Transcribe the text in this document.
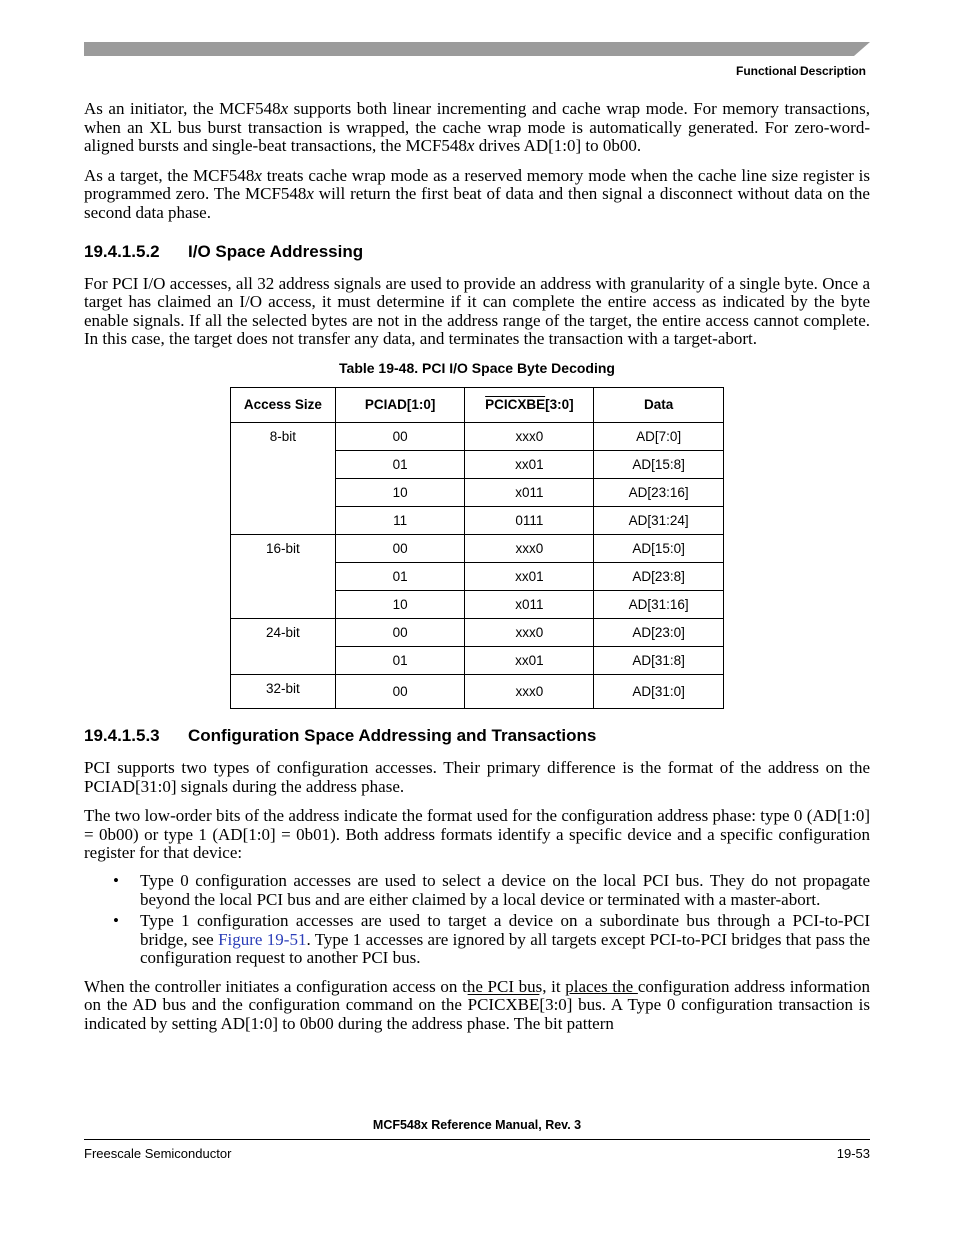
Functional Description

As an initiator, the MCF548x supports both linear incrementing and cache wrap mode. For memory transactions, when an XL bus burst transaction is wrapped, the cache wrap mode is automatically generated. For zero-word-aligned bursts and single-beat transactions, the MCF548x drives AD[1:0] to 0b00.

As a target, the MCF548x treats cache wrap mode as a reserved memory mode when the cache line size register is programmed zero. The MCF548x will return the first beat of data and then signal a disconnect without data on the second data phase.

19.4.1.5.2 I/O Space Addressing

For PCI I/O accesses, all 32 address signals are used to provide an address with granularity of a single byte. Once a target has claimed an I/O access, it must determine if it can complete the entire access as indicated by the byte enable signals. If all the selected bytes are not in the address range of the target, the entire access cannot complete. In this case, the target does not transfer any data, and terminates the transaction with a target-abort.

Table 19-48. PCI I/O Space Byte Decoding
Access Size	PCIAD[1:0]	PCICXBE[3:0]	Data
8-bit	00	xxx0	AD[7:0]
	01	xx01	AD[15:8]
	10	x011	AD[23:16]
	11	0111	AD[31:24]
16-bit	00	xxx0	AD[15:0]
	01	xx01	AD[23:8]
	10	x011	AD[31:16]
24-bit	00	xxx0	AD[23:0]
	01	xx01	AD[31:8]
32-bit	00	xxx0	AD[31:0]
19.4.1.5.3 Configuration Space Addressing and Transactions

PCI supports two types of configuration accesses. Their primary difference is the format of the address on the PCIAD[31:0] signals during the address phase.

The two low-order bits of the address indicate the format used for the configuration address phase: type 0 (AD[1:0] = 0b00) or type 1 (AD[1:0] = 0b01). Both address formats identify a specific device and a specific configuration register for that device:

• Type 0 configuration accesses are used to select a device on the local PCI bus. They do not propagate beyond the local PCI bus and are either claimed by a local device or terminated with a master-abort.
• Type 1 configuration accesses are used to target a device on a subordinate bus through a PCI-to-PCI bridge, see Figure 19-51. Type 1 accesses are ignored by all targets except PCI-to-PCI bridges that pass the configuration request to another PCI bus.

When the controller initiates a configuration access on the PCI bus, it places the configuration address information on the AD bus and the configuration command on the PCICXBE[3:0] bus. A Type 0 configuration transaction is indicated by setting AD[1:0] to 0b00 during the address phase. The bit pattern

MCF548x Reference Manual, Rev. 3
Freescale Semiconductor	19-53
